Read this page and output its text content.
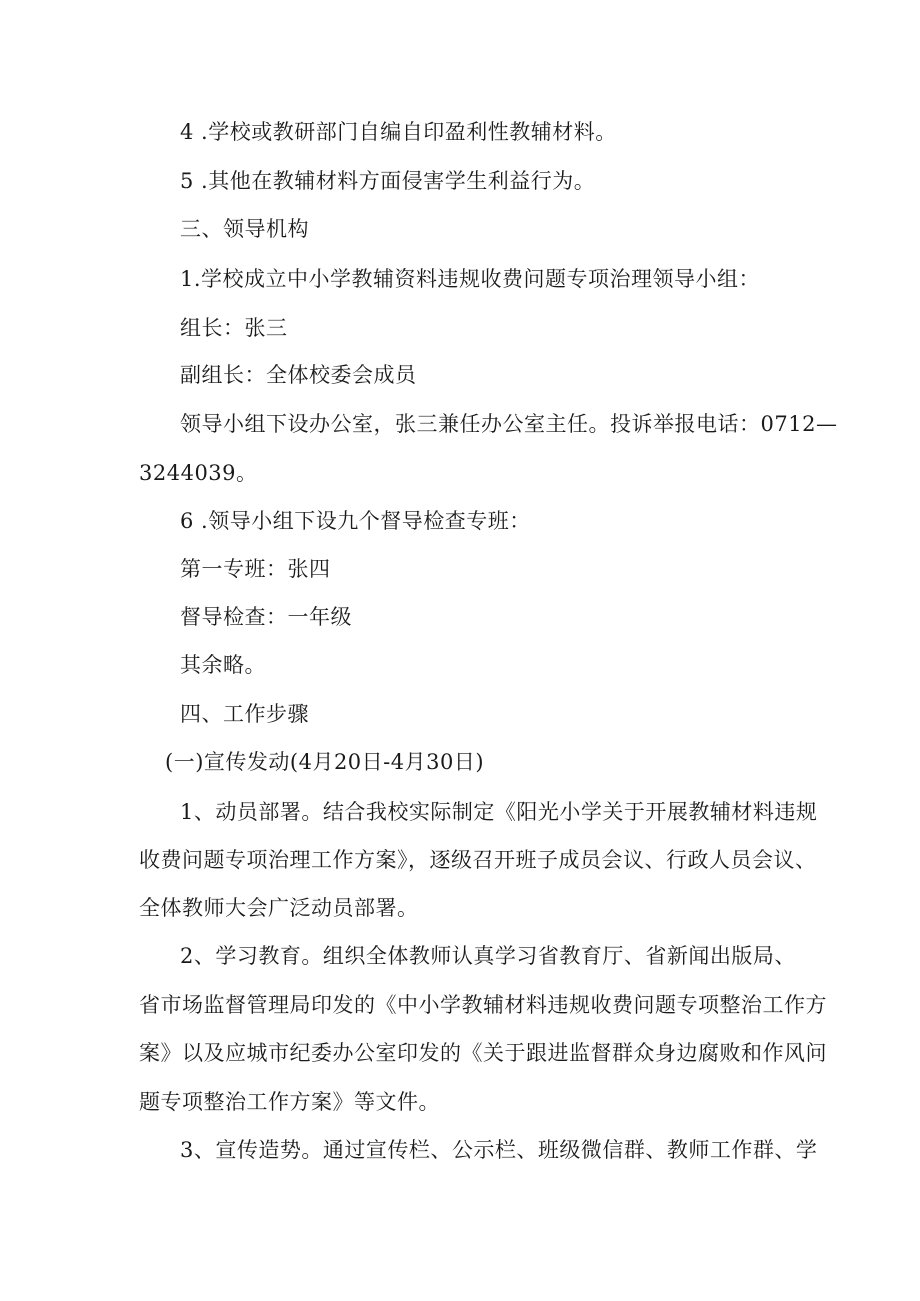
4 .学校或教研部门自编自印盈利性教辅材料。
5 .其他在教辅材料方面侵害学生利益行为。
三、领导机构
1.学校成立中小学教辅资料违规收费问题专项治理领导小组：
组长：张三
副组长：全体校委会成员
领导小组下设办公室，张三兼任办公室主任。投诉举报电话：0712—
3244039。
6 .领导小组下设九个督导检查专班：
第一专班：张四
督导检查：一年级
其余略。
四、工作步骤
(一)宣传发动(4月20日-4月30日)
1、动员部署。结合我校实际制定《阳光小学关于开展教辅材料违规
收费问题专项治理工作方案》，逐级召开班子成员会议、行政人员会议、
全体教师大会广泛动员部署。
2、学习教育。组织全体教师认真学习省教育厅、省新闻出版局、
省市场监督管理局印发的《中小学教辅材料违规收费问题专项整治工作方
案》以及应城市纪委办公室印发的《关于跟进监督群众身边腐败和作风问
题专项整治工作方案》等文件。
3、宣传造势。通过宣传栏、公示栏、班级微信群、教师工作群、学
